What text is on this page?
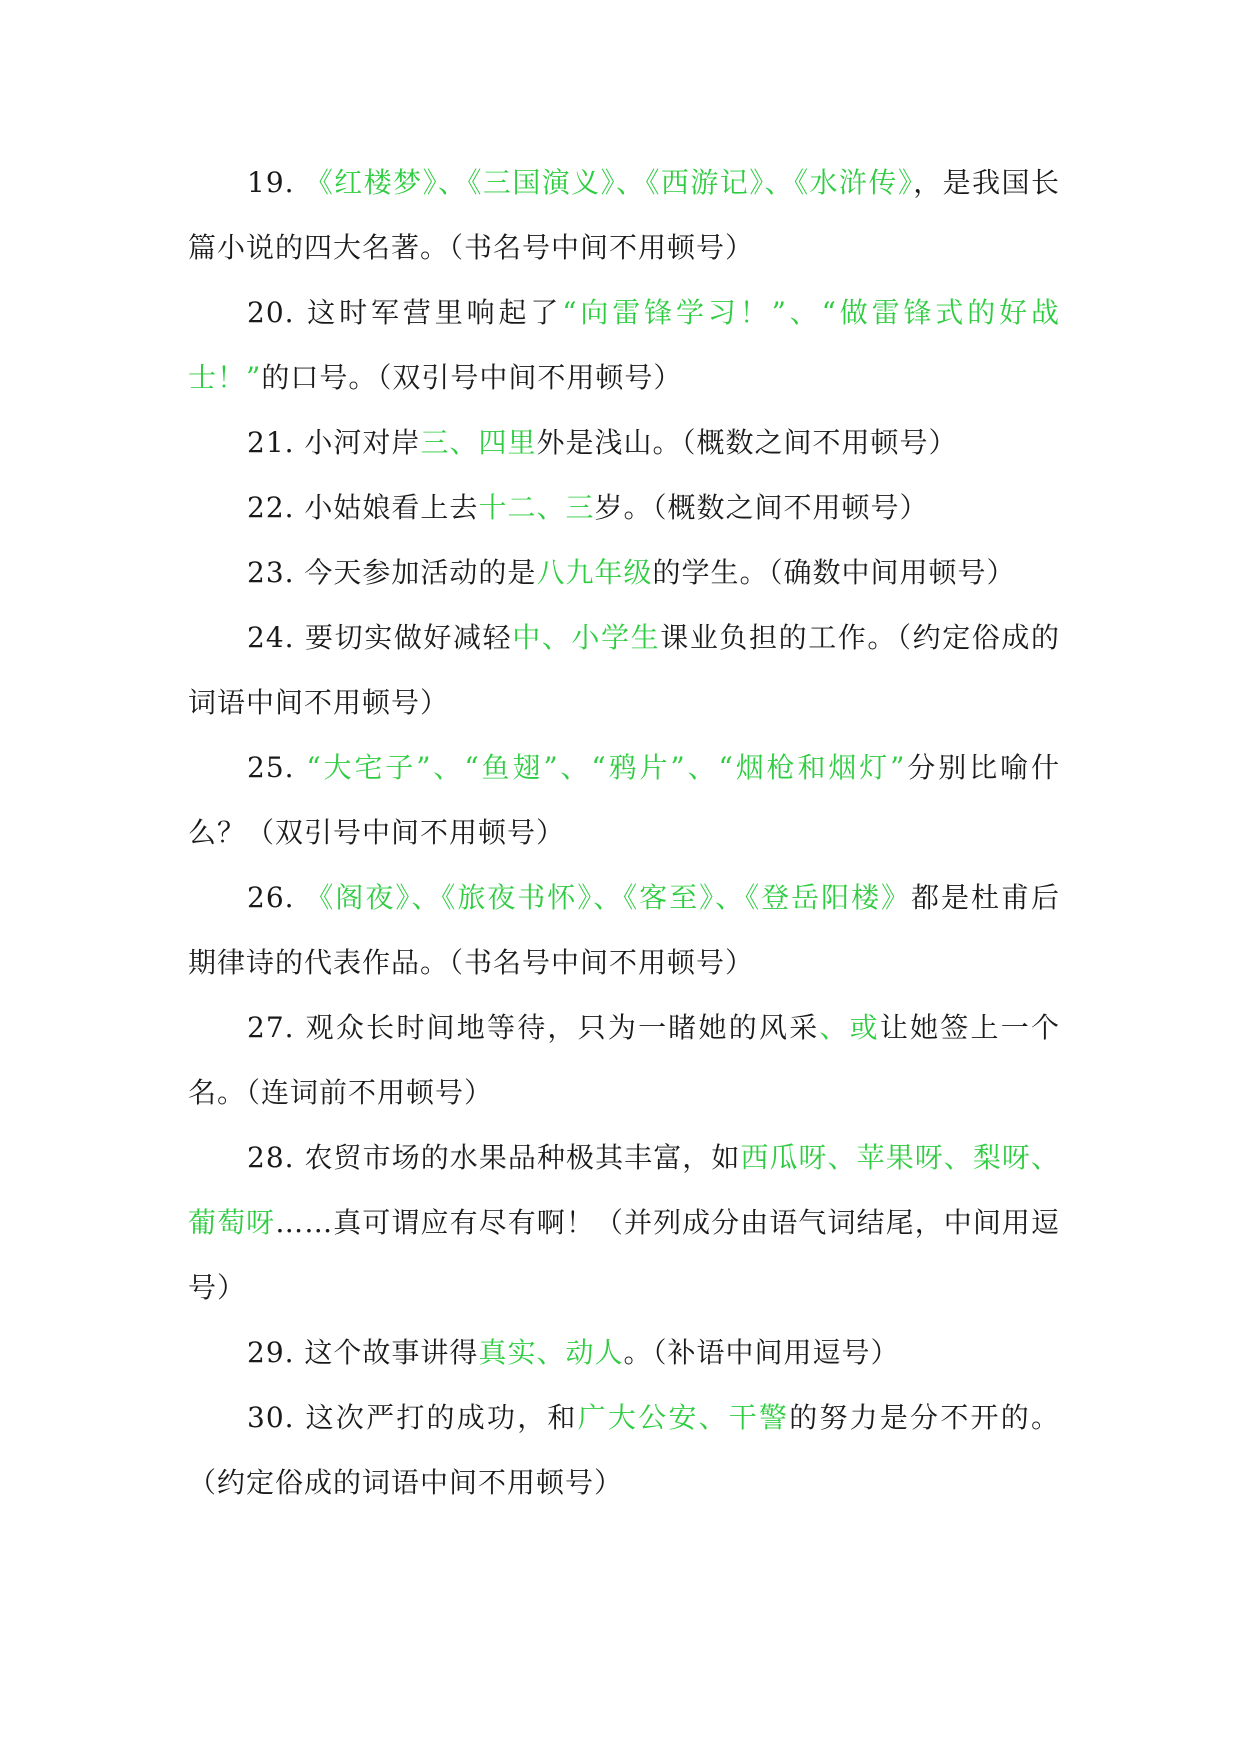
19. 《红楼梦》、《三国演义》、《西游记》、《水浒传》，是我国长篇小说的四大名著。（书名号中间不用顿号）

20. 这时军营里响起了“向雷锋学习！”、“做雷锋式的好战士！”的口号。（双引号中间不用顿号）

21. 小河对岸三、四里外是浅山。（概数之间不用顿号）

22. 小姑娘看上去十二、三岁。（概数之间不用顿号）

23. 今天参加活动的是八九年级的学生。（确数中间用顿号）

24. 要切实做好减轻中、小学生课业负担的工作。（约定俗成的词语中间不用顿号）

25. “大宅子”、“鱼翅”、“鸦片”、“烟枪和烟灯”分别比喻什么？（双引号中间不用顿号）

26. 《阁夜》、《旅夜书怀》、《客至》、《登岳阳楼》都是杜甫后期律诗的代表作品。（书名号中间不用顿号）

27. 观众长时间地等待，只为一睹她的风采、或让她签上一个名。（连词前不用顿号）

28. 农贸市场的水果品种极其丰富，如西瓜呀、苹果呀、梨呀、葡萄呀……真可谓应有尽有啊！（并列成分由语气词结尾，中间用逗号）

29. 这个故事讲得真实、动人。（补语中间用逗号）

30. 这次严打的成功，和广大公安、干警的努力是分不开的。（约定俗成的词语中间不用顿号）
